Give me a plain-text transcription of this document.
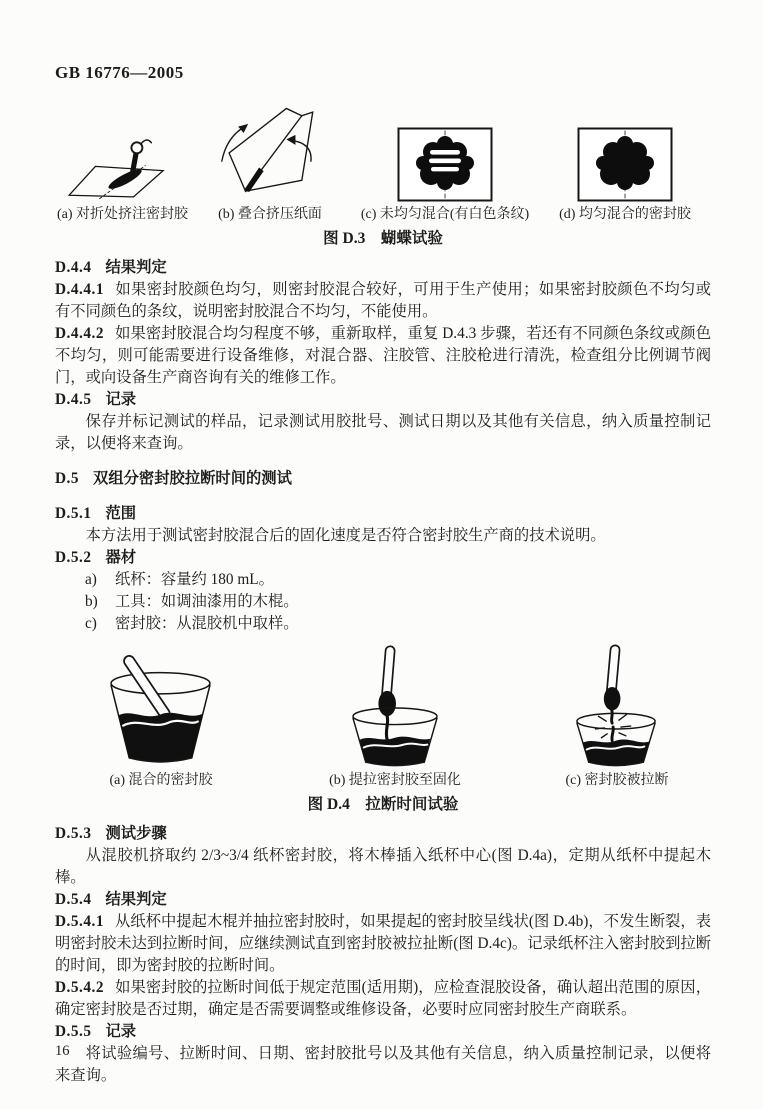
GB 16776—2005
(a) 对折处挤注密封胶 (b) 叠合挤压纸面	(c) 未均匀混合(有白色条纹) (d) 均匀混合的密封胶
图 D.3　蝴蝶试验

D.4.4 结果判定

D.4.4.1 如果密封胶颜色均匀，则密封胶混合较好，可用于生产使用；如果密封胶颜色不均匀或有不同颜色的条纹，说明密封胶混合不均匀，不能使用。

D.4.4.2 如果密封胶混合均匀程度不够，重新取样，重复 D.4.3 步骤，若还有不同颜色条纹或颜色不均匀，则可能需要进行设备维修，对混合器、注胶管、注胶枪进行清洗，检查组分比例调节阀门，或向设备生产商咨询有关的维修工作。

D.4.5 记录

保存并标记测试的样品，记录测试用胶批号、测试日期以及其他有关信息，纳入质量控制记录，以便将来查询。

D.5 双组分密封胶拉断时间的测试

D.5.1 范围

本方法用于测试密封胶混合后的固化速度是否符合密封胶生产商的技术说明。

D.5.2 器材

a)	纸杯：容量约 180 mL。
b)	工具：如调油漆用的木棍。
c)	密封胶：从混胶机中取样。
(a) 混合的密封胶	(b) 提拉密封胶至固化	(c) 密封胶被拉断
图 D.4　拉断时间试验

D.5.3 测试步骤

从混胶机挤取约 2/3~3/4 纸杯密封胶，将木棒插入纸杯中心(图 D.4a)，定期从纸杯中提起木棒。

D.5.4 结果判定

D.5.4.1 从纸杯中提起木棍并抽拉密封胶时，如果提起的密封胶呈线状(图 D.4b)，不发生断裂，表明密封胶未达到拉断时间，应继续测试直到密封胶被拉扯断(图 D.4c)。记录纸杯注入密封胶到拉断的时间，即为密封胶的拉断时间。

D.5.4.2 如果密封胶的拉断时间低于规定范围(适用期)，应检查混胶设备，确认超出范围的原因，确定密封胶是否过期，确定是否需要调整或维修设备，必要时应同密封胶生产商联系。

D.5.5 记录

将试验编号、拉断时间、日期、密封胶批号以及其他有关信息，纳入质量控制记录，以便将来查询。

16
